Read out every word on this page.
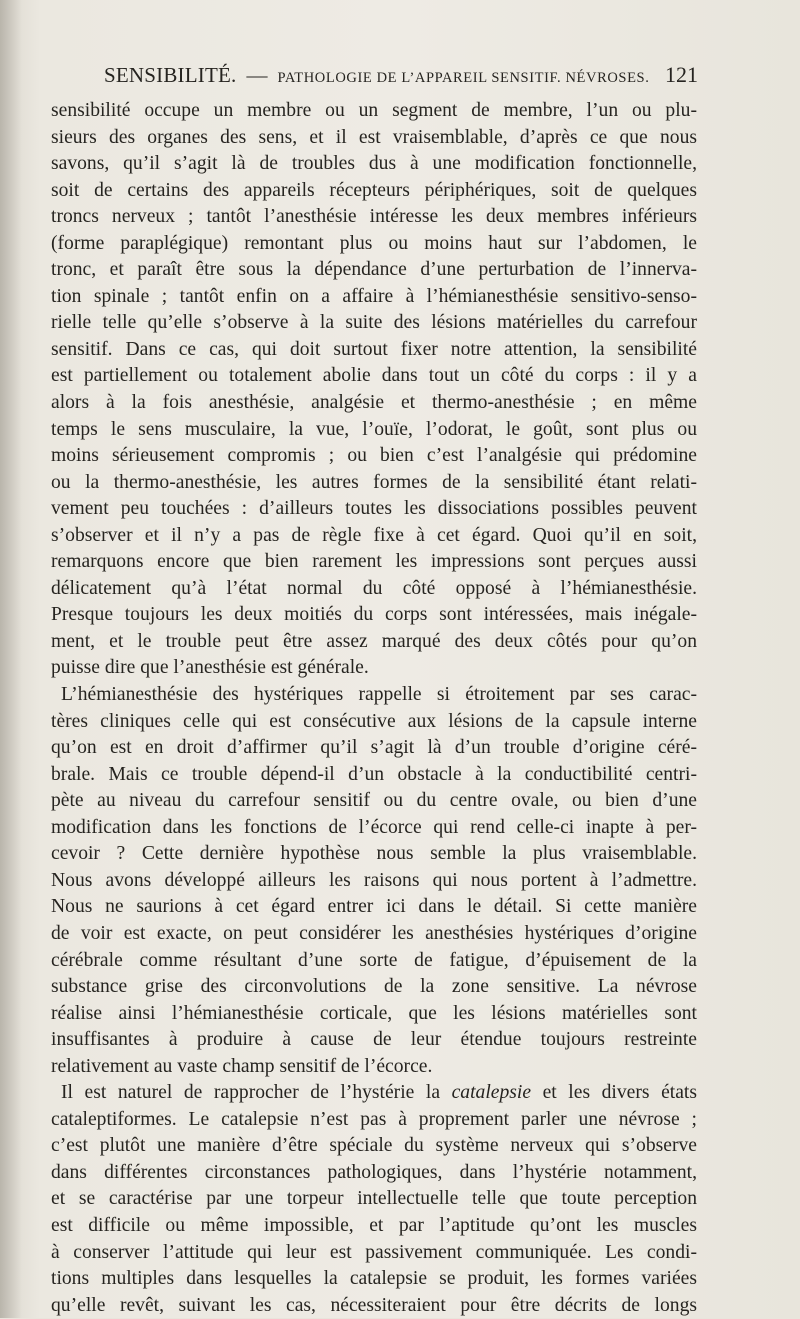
SENSIBILITÉ. — PATHOLOGIE DE L’APPAREIL SENSITIF. NÉVROSES. 121
sensibilité occupe un membre ou un segment de membre, l’un ou plu-
sieurs des organes des sens, et il est vraisemblable, d’après ce que nous
savons, qu’il s’agit là de troubles dus à une modification fonctionnelle,
soit de certains des appareils récepteurs périphériques, soit de quelques
troncs nerveux ; tantôt l’anesthésie intéresse les deux membres inférieurs
(forme paraplégique) remontant plus ou moins haut sur l’abdomen, le
tronc, et paraît être sous la dépendance d’une perturbation de l’innerva-
tion spinale ; tantôt enfin on a affaire à l’hémianesthésie sensitivo-senso-
rielle telle qu’elle s’observe à la suite des lésions matérielles du carrefour
sensitif. Dans ce cas, qui doit surtout fixer notre attention, la sensibilité
est partiellement ou totalement abolie dans tout un côté du corps : il y a
alors à la fois anesthésie, analgésie et thermo-anesthésie ; en même
temps le sens musculaire, la vue, l’ouïe, l’odorat, le goût, sont plus ou
moins sérieusement compromis ; ou bien c’est l’analgésie qui prédomine
ou la thermo-anesthésie, les autres formes de la sensibilité étant relati-
vement peu touchées : d’ailleurs toutes les dissociations possibles peuvent
s’observer et il n’y a pas de règle fixe à cet égard. Quoi qu’il en soit,
remarquons encore que bien rarement les impressions sont perçues aussi
délicatement qu’à l’état normal du côté opposé à l’hémianesthésie.
Presque toujours les deux moitiés du corps sont intéressées, mais inégale-
ment, et le trouble peut être assez marqué des deux côtés pour qu’on
puisse dire que l’anesthésie est générale.
L’hémianesthésie des hystériques rappelle si étroitement par ses carac-
tères cliniques celle qui est consécutive aux lésions de la capsule interne
qu’on est en droit d’affirmer qu’il s’agit là d’un trouble d’origine céré-
brale. Mais ce trouble dépend-il d’un obstacle à la conductibilité centri-
pète au niveau du carrefour sensitif ou du centre ovale, ou bien d’une
modification dans les fonctions de l’écorce qui rend celle-ci inapte à per-
cevoir ? Cette dernière hypothèse nous semble la plus vraisemblable.
Nous avons développé ailleurs les raisons qui nous portent à l’admettre.
Nous ne saurions à cet égard entrer ici dans le détail. Si cette manière
de voir est exacte, on peut considérer les anesthésies hystériques d’origine
cérébrale comme résultant d’une sorte de fatigue, d’épuisement de la
substance grise des circonvolutions de la zone sensitive. La névrose
réalise ainsi l’hémianesthésie corticale, que les lésions matérielles sont
insuffisantes à produire à cause de leur étendue toujours restreinte
relativement au vaste champ sensitif de l’écorce.
Il est naturel de rapprocher de l’hystérie la catalepsie et les divers états
cataleptiformes. Le catalepsie n’est pas à proprement parler une névrose ;
c’est plutôt une manière d’être spéciale du système nerveux qui s’observe
dans différentes circonstances pathologiques, dans l’hystérie notamment,
et se caractérise par une torpeur intellectuelle telle que toute perception
est difficile ou même impossible, et par l’aptitude qu’ont les muscles
à conserver l’attitude qui leur est passivement communiquée. Les condi-
tions multiples dans lesquelles la catalepsie se produit, les formes variées
qu’elle revêt, suivant les cas, nécessiteraient pour être décrits de longs
